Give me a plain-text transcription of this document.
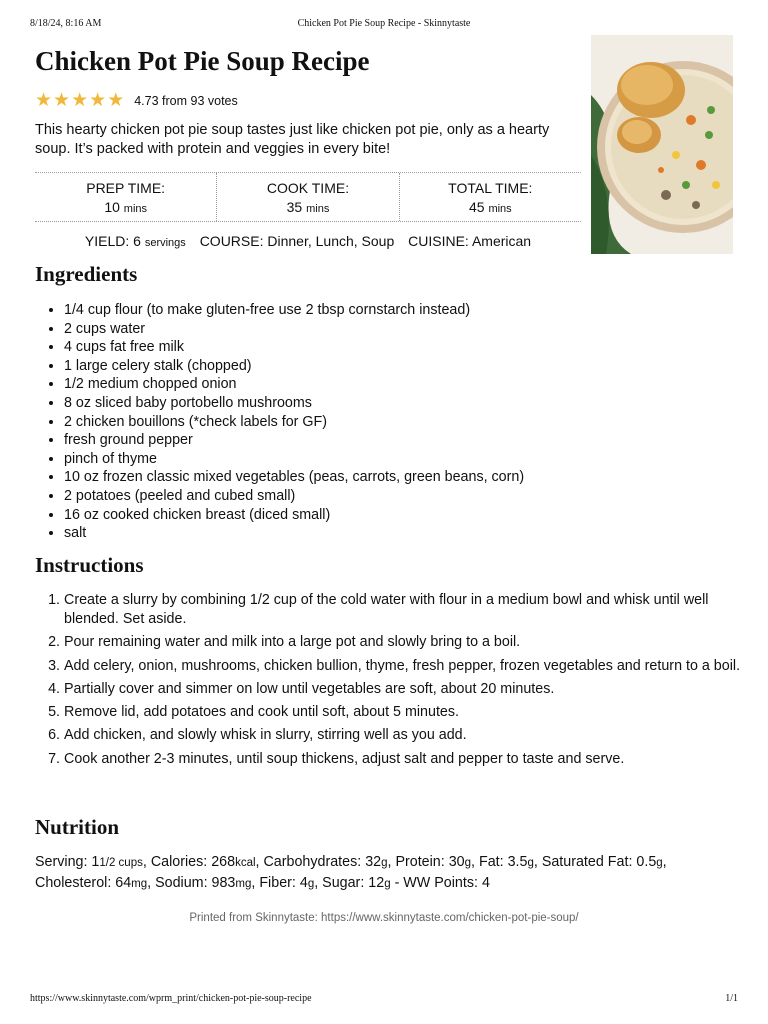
8/18/24, 8:16 AM	Chicken Pot Pie Soup Recipe - Skinnytaste
Chicken Pot Pie Soup Recipe
★ ★ ★ ★ ★ 4.73 from 93 votes

This hearty chicken pot pie soup tastes just like chicken pot pie, only as a hearty soup. It’s packed with protein and veggies in every bite!

PREP TIME:
10 mins
COOK TIME:
35 mins
TOTAL TIME:
45 mins
YIELD: 6 servings COURSE: Dinner, Lunch, Soup CUISINE: American
Ingredients
• 1/4 cup flour (to make gluten-free use 2 tbsp cornstarch instead)
• 2 cups water
• 4 cups fat free milk
• 1 large celery stalk (chopped)
• 1/2 medium chopped onion
• 8 oz sliced baby portobello mushrooms
• 2 chicken bouillons (*check labels for GF)
• fresh ground pepper
• pinch of thyme
• 10 oz frozen classic mixed vegetables (peas, carrots, green beans, corn)
• 2 potatoes (peeled and cubed small)
• 16 oz cooked chicken breast (diced small)
• salt
Instructions
1. Create a slurry by combining 1/2 cup of the cold water with flour in a medium bowl and whisk until well blended. Set aside.
2. Pour remaining water and milk into a large pot and slowly bring to a boil.
3. Add celery, onion, mushrooms, chicken bullion, thyme, fresh pepper, frozen vegetables and return to a boil.
4. Partially cover and simmer on low until vegetables are soft, about 20 minutes.
5. Remove lid, add potatoes and cook until soft, about 5 minutes.
6. Add chicken, and slowly whisk in slurry, stirring well as you add.
7. Cook another 2-3 minutes, until soup thickens, adjust salt and pepper to taste and serve.
Nutrition

Serving: 11/2 cups, Calories: 268kcal, Carbohydrates: 32g, Protein: 30g, Fat: 3.5g, Saturated Fat: 0.5g, Cholesterol: 64mg, Sodium: 983mg, Fiber: 4g, Sugar: 12g - WW Points: 4

Printed from Skinnytaste: https://www.skinnytaste.com/chicken-pot-pie-soup/
https://www.skinnytaste.com/wprm_print/chicken-pot-pie-soup-recipe	1/1
